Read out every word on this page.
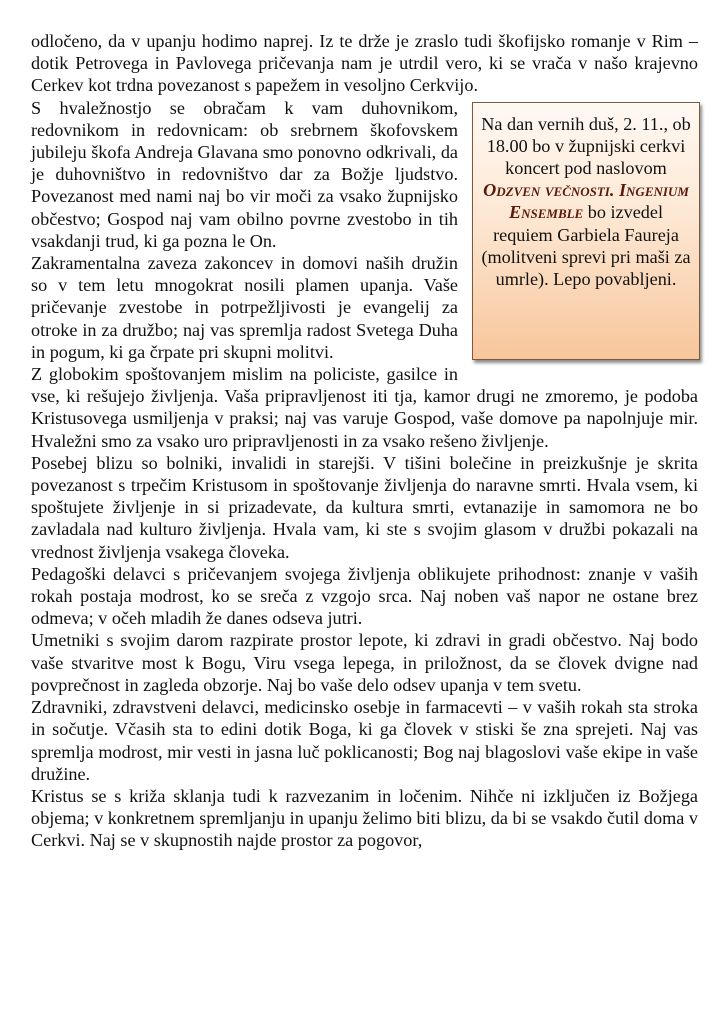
odločeno, da v upanju hodimo naprej. Iz te drže je zraslo tudi škofijsko romanje v Rim – dotik Petrovega in Pavlovega pričevanja nam je utrdil vero, ki se vrača v našo krajevno Cerkev kot trdna povezanost s papežem in vesoljno Cerkvijo.

Na dan vernih duš, 2. 11., ob 18.00 bo v župnijski cerkvi koncert pod naslovom Odzven večnosti. Ingenium Ensemble bo izvedel requiem Garbiela Faureja (molitveni sprevi pri maši za umrle). Lepo povabljeni.

S hvaležnostjo se obračam k vam duhovnikom, redovnikom in redovnicam: ob srebrnem škofovskem jubileju škofa Andreja Glavana smo ponovno odkrivali, da je duhovništvo in redovništvo dar za Božje ljudstvo. Povezanost med nami naj bo vir moči za vsako župnijsko občestvo; Gospod naj vam obilno povrne zvestobo in tih vsakdanji trud, ki ga pozna le On.

Zakramentalna zaveza zakoncev in domovi naših družin so v tem letu mnogokrat nosili plamen upanja. Vaše pričevanje zvestobe in potrpežljivosti je evangelij za otroke in za družbo; naj vas spremlja radost Svetega Duha in pogum, ki ga črpate pri skupni molitvi.

Z globokim spoštovanjem mislim na policiste, gasilce in vse, ki rešujejo življenja. Vaša pripravljenost iti tja, kamor drugi ne zmoremo, je podoba Kristusovega usmiljenja v praksi; naj vas varuje Gospod, vaše domove pa napolnjuje mir. Hvaležni smo za vsako uro pripravljenosti in za vsako rešeno življenje.

Posebej blizu so bolniki, invalidi in starejši. V tišini bolečine in preizkušnje je skrita povezanost s trpečim Kristusom in spoštovanje življenja do naravne smrti. Hvala vsem, ki spoštujete življenje in si prizadevate, da kultura smrti, evtanazije in samomora ne bo zavladala nad kulturo življenja. Hvala vam, ki ste s svojim glasom v družbi pokazali na vrednost življenja vsakega človeka.

Pedagoški delavci s pričevanjem svojega življenja oblikujete prihodnost: znanje v vaših rokah postaja modrost, ko se sreča z vzgojo srca. Naj noben vaš napor ne ostane brez odmeva; v očeh mladih že danes odseva jutri.

Umetniki s svojim darom razpirate prostor lepote, ki zdravi in gradi občestvo. Naj bodo vaše stvaritve most k Bogu, Viru vsega lepega, in priložnost, da se človek dvigne nad povprečnost in zagleda obzorje. Naj bo vaše delo odsev upanja v tem svetu.

Zdravniki, zdravstveni delavci, medicinsko osebje in farmacevti – v vaših rokah sta stroka in sočutje. Včasih sta to edini dotik Boga, ki ga človek v stiski še zna sprejeti. Naj vas spremlja modrost, mir vesti in jasna luč poklicanosti; Bog naj blagoslovi vaše ekipe in vaše družine.

Kristus se s križa sklanja tudi k razvezanim in ločenim. Nihče ni izključen iz Božjega objema; v konkretnem spremljanju in upanju želimo biti blizu, da bi se vsakdo čutil doma v Cerkvi. Naj se v skupnostih najde prostor za pogovor,
